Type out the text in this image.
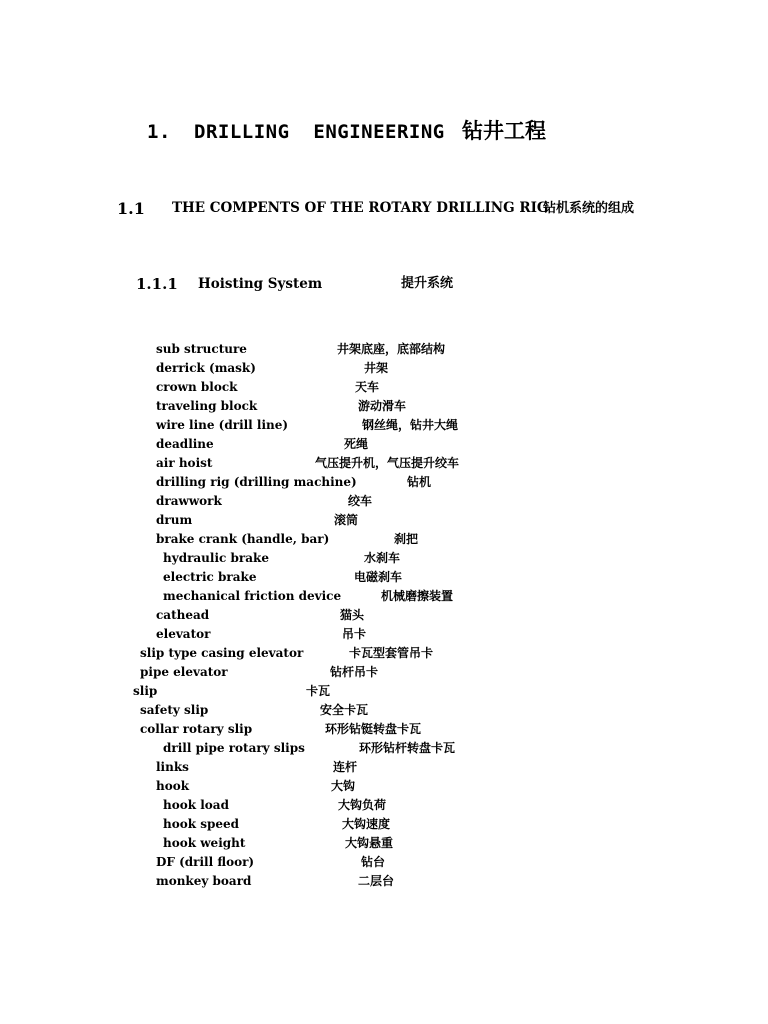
1. DRILLING  ENGINEERING 钻井工程
1.1 THE COMPENTS OF THE ROTARY DRILLING RIG
钻机系统的组成
1.1.1 Hoisting System	提升系统
sub structure	井架底座，底部结构
derrick (mask)	井架
crown block	天车
traveling block	游动滑车
wire line (drill line)	钢丝绳，钻井大绳
deadline	死绳
air hoist	气压提升机，气压提升绞车
drilling rig (drilling machine)	钻机
drawwork	绞车
drum	滚筒
brake crank (handle, bar)	刹把
hydraulic brake	水刹车
electric brake	电磁刹车
mechanical friction device	机械磨擦装置
cathead	猫头
elevator	吊卡
slip type casing elevator	卡瓦型套管吊卡
pipe elevator	钻杆吊卡
slip	卡瓦
safety slip	安全卡瓦
collar rotary slip	环形钻铤转盘卡瓦
drill pipe rotary slips	环形钻杆转盘卡瓦
links	连杆
hook	大钩
hook load	大钩负荷
hook speed	大钩速度
hook weight	大钩悬重
DF (drill floor)	钻台
monkey board	二层台
